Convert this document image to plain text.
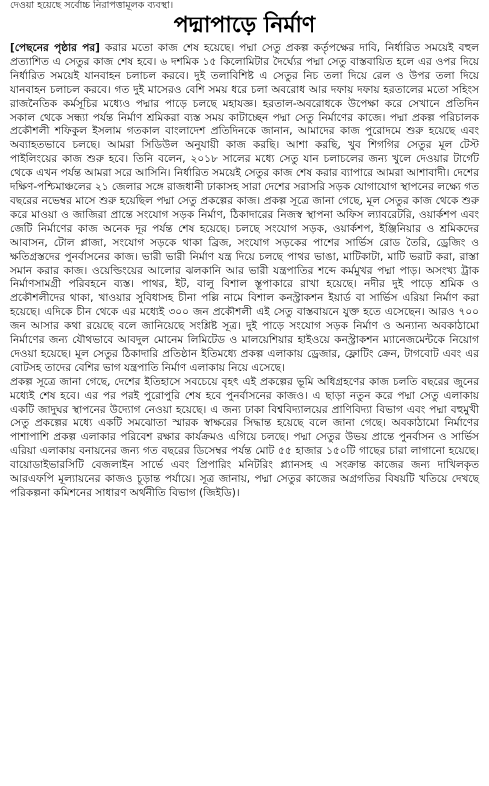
দেওয়া হয়েছে সর্বোচ্চ নিরাপত্তামূলক ব্যবস্থা।
পদ্মাপাড়ে নির্মাণ

[পেছনের পৃষ্ঠার পর] করার মতো কাজ শেষ হয়েছে। পদ্মা সেতু প্রকল্প কর্তৃপক্ষের দাবি, নির্ধারিত সময়েই বহুল প্রত্যাশিত এ সেতুর কাজ শেষ হবে। ৬ দশমিক ১৫ কিলোমিটার দৈর্ঘ্যের পদ্মা সেতু বাস্তবায়িত হলে এর ওপর দিয়ে নির্ধারিত সময়েই যানবাহন চলাচল করবে। দুই তলাবিশিষ্ট এ সেতুর নিচ তলা দিয়ে রেল ও উপর তলা দিয়ে যানবাহন চলাচল করবে। গত দুই মাসেরও বেশি সময় ধরে চলা অবরোধ আর দফায় দফায় হরতালের মতো সহিংস রাজনৈতিক কর্মসূচির মধ্যেও পদ্মার পাড়ে চলছে মহাযজ্ঞ। হরতাল-অবরোধকে উপেক্ষা করে সেখানে প্রতিদিন সকাল থেকে সন্ধ্যা পর্যন্ত নির্মাণ শ্রমিকরা ব্যস্ত সময় কাটাচ্ছেন পদ্মা সেতু নির্মাণের কাজে। পদ্মা প্রকল্প পরিচালক প্রকৌশলী শফিকুল ইসলাম গতকাল বাংলাদেশ প্রতিদিনকে জানান, আমাদের কাজ পুরোদমে শুরু হয়েছে এবং অব্যাহতভাবে চলছে। আমরা সিডিউল অনুযায়ী কাজ করছি। আশা করছি, খুব শিগগির সেতুর মূল টেস্ট পাইলিংয়ের কাজ শুরু হবে। তিনি বলেন, ২০১৮ সালের মধ্যে সেতু যান চলাচলের জন্য খুলে দেওয়ার টার্গেট থেকে এখন পর্যন্ত আমরা সরে আসিনি। নির্ধারিত সময়েই সেতুর কাজ শেষ করার ব্যাপারে আমরা আশাবাদী। দেশের দক্ষিণ-পশ্চিমাঞ্চলের ২১ জেলার সঙ্গে রাজধানী ঢাকাসহ সারা দেশের সরাসরি সড়ক যোগাযোগ স্থাপনের লক্ষ্যে গত বছরের নভেম্বর মাসে শুরু হয়েছিল পদ্মা সেতু প্রকল্পের কাজ। প্রকল্প সূত্রে জানা গেছে, মূল সেতুর কাজ থেকে শুরু করে মাওয়া ও জাজিরা প্রান্তে সংযোগ সড়ক নির্মাণ, ঠিকাদারের নিজস্ব স্থাপনা অফিস ল্যাবরেটরি, ওয়ার্কশপ এবং জেটি নির্মাণের কাজ অনেক দূর পর্যন্ত শেষ হয়েছে। চলছে সংযোগ সড়ক, ওয়ার্কশপ, ইঞ্জিনিয়ার ও শ্রমিকদের আবাসন, টোল প্লাজা, সংযোগ সড়কে থাকা ব্রিজ, সংযোগ সড়কের পাশের সার্ভিস রোড তৈরি, ড্রেজিং ও ক্ষতিগ্রস্তদের পুনর্বাসনের কাজ। ভারী ভারী নির্মাণ যন্ত্র দিয়ে চলছে পাথর ভাঙা, মাটিকাটা, মাটি ভরাট করা, রাস্তা সমান করার কাজ। ওয়েল্ডিংয়ের আলোর ঝলকানি আর ভারী যন্ত্রপাতির শব্দে কর্মমুখর পদ্মা পাড়। অসংখ্য ট্রাক নির্মাণসামগ্রী পরিবহনে ব্যস্ত। পাথর, ইট, বালু বিশাল স্তূপাকারে রাখা হয়েছে। নদীর দুই পাড়ে শ্রমিক ও প্রকৌশলীদের থাকা, খাওয়ার সুবিধাসহ চীনা পল্লি নামে বিশাল কনস্ট্রাকশন ইয়ার্ড বা সার্ভিস এরিয়া নির্মাণ করা হয়েছে। এদিকে চীন থেকে এর মধ্যেই ৩০০ জন প্রকৌশলী এই সেতু বাস্তবায়নে যুক্ত হতে এসেছেন। আরও ৭০০ জন আসার কথা রয়েছে বলে জানিয়েছে সংশ্লিষ্ট সূত্র। দুই পাড়ে সংযোগ সড়ক নির্মাণ ও অন্যান্য অবকাঠামো নির্মাণের জন্য যৌথভাবে আবদুল মোনেম লিমিটেড ও মালয়েশিয়ার হাইওয়ে কনস্ট্রাকশন ম্যানেজমেন্টকে নিয়োগ দেওয়া হয়েছে। মূল সেতুর ঠিকাদারি প্রতিষ্ঠান ইতিমধ্যে প্রকল্প এলাকায় ড্রেজার, ফ্লোটিং ক্রেন, টাগবোট এবং এর বোটসহ তাদের বেশির ভাগ যন্ত্রপাতি নির্মাণ এলাকায় নিয়ে এসেছে।

প্রকল্প সূত্রে জানা গেছে, দেশের ইতিহাসে সবচেয়ে বৃহৎ এই প্রকল্পের ভূমি অধিগ্রহণের কাজ চলতি বছরের জুনের মধ্যেই শেষ হবে। এর পর পরই পুরোপুরি শেষ হবে পুনর্বাসনের কাজও। এ ছাড়া নতুন করে পদ্মা সেতু এলাকায় একটি জাদুঘর স্থাপনের উদ্যোগ নেওয়া হয়েছে। এ জন্য ঢাকা বিশ্ববিদ্যালয়ের প্রাণিবিদ্যা বিভাগ এবং পদ্মা বহুমুখী সেতু প্রকল্পের মধ্যে একটি সমঝোতা স্মারক স্বাক্ষরের সিদ্ধান্ত হয়েছে বলে জানা গেছে। অবকাঠামো নির্মাণের পাশাপাশি প্রকল্প এলাকার পরিবেশ রক্ষার কার্যক্রমও এগিয়ে চলছে। পদ্মা সেতুর উভয় প্রান্তে পুনর্বাসন ও সার্ভিস এরিয়া এলাকায় বনায়নের জন্য গত বছরের ডিসেম্বর পর্যন্ত মোট ৫৫ হাজার ১৫০টি গাছের চারা লাগানো হয়েছে। বায়োডাইভারসিটি বেজলাইন সার্ভে এবং প্রিপারিং মনিটরিং প্ল্যানসহ এ সংক্রান্ত কাজের জন্য দাখিলকৃত আরএফপি মূল্যায়নের কাজও চূড়ান্ত পর্যায়ে। সূত্র জানায়, পদ্মা সেতুর কাজের অগ্রগতির বিষয়টি খতিয়ে দেখছে পরিকল্পনা কমিশনের সাধারণ অর্থনীতি বিভাগ (জিইডি)।
